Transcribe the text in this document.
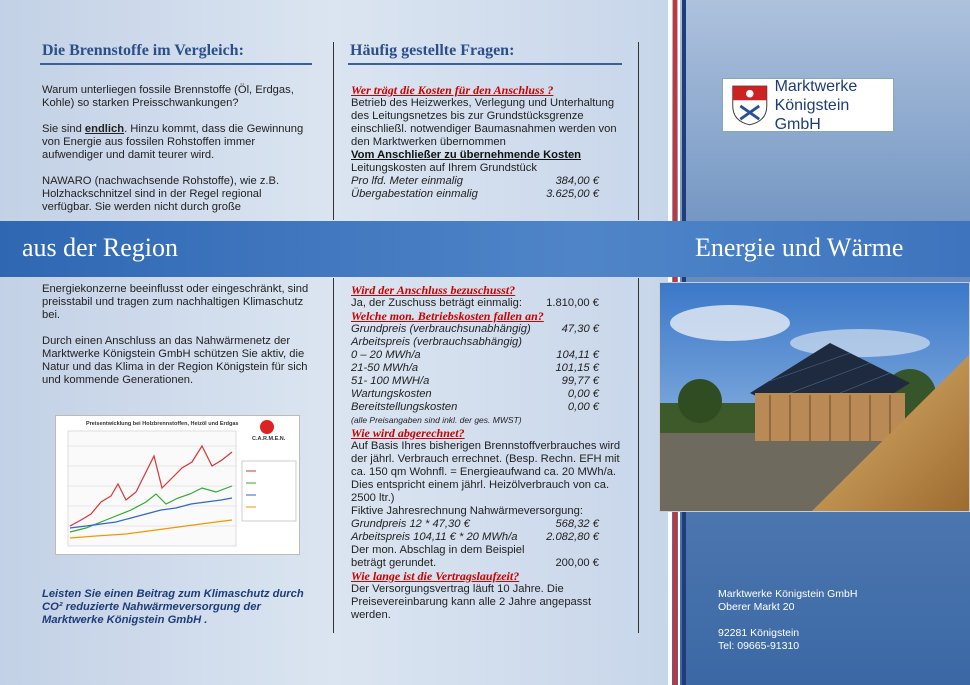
Die Brennstoffe im Vergleich:

Warum unterliegen fossile Brennstoffe (Öl, Erdgas, Kohle) so starken Preisschwankungen?

Sie sind endlich. Hinzu kommt, dass die Gewinnung von Energie aus fossilen Rohstoffen immer aufwendiger und damit teurer wird.

NAWARO (nachwachsende Rohstoffe), wie z.B. Holzhackschnitzel sind in der Regel regional verfügbar. Sie werden nicht durch große

Energiekonzerne beeinflusst oder eingeschränkt, sind preisstabil und tragen zum nachhaltigen Klimaschutz bei.

Durch einen Anschluss an das Nahwärmenetz der Marktwerke Königstein GmbH schützen Sie aktiv, die Natur und das Klima in der Region Königstein für sich und kommende Generationen.

Preisentwicklung bei Holzbrennstoffen, Heizöl und Erdgas
C.A.R.M.E.N.
Leisten Sie einen Beitrag zum Klimaschutz durch CO² reduzierte Nahwärmeversorgung der Marktwerke Königstein GmbH .
Häufig gestellte Fragen:
Wer trägt die Kosten für den Anschluss ?

Betrieb des Heizwerkes, Verlegung und Unterhaltung des Leitungsnetzes bis zur Grundstücksgrenze einschließl. notwendiger Baumasnahmen werden von den Marktwerken übernommen

Vom Anschließer zu übernehmende Kosten

Leitungskosten auf Ihrem Grundstück

Pro lfd. Meter einmalig	384,00 €
Übergabestation einmalig	3.625,00 €
Wird der Anschluss bezuschusst?
Ja, der Zuschuss beträgt einmalig: 1.810,00 €
Welche mon. Betriebskosten fallen an?
Grundpreis (verbrauchsunabhängig)	47,30 €
Arbeitspreis (verbrauchsabhängig)
0 – 20 MWh/a	104,11 €
21-50 MWh/a	101,15 €
51- 100 MWH/a	99,77 €
Wartungskosten	0,00 €
Bereitstellungskosten	0,00 €

(alle Preisangaben sind inkl. der ges. MWST)

Wie wird abgerechnet?

Auf Basis Ihres bisherigen Brennstoffverbrauches wird der jährl. Verbrauch errechnet. (Besp. Rechn. EFH mit ca. 150 qm Wohnfl. = Energieaufwand ca. 20 MWh/a. Dies entspricht einem jährl. Heizölverbrauch von ca. 2500 ltr.)

Fiktive Jahresrechnung Nahwärmeversorgung:

Grundpreis 12 * 47,30 €	568,32 €
Arbeitspreis 104,11 € * 20 MWh/a	2.082,80 €
Der mon. Abschlag in dem Beispiel
beträgt gerundet.	200,00 €
Wie lange ist die Vertragslaufzeit?

Der Versorgungsvertrag läuft 10 Jahre. Die Preisevereinbarung kann alle 2 Jahre angepasst werden.

aus der Region	Energie und Wärme
Marktwerke
Königstein GmbH
Marktwerke Königstein GmbH
Oberer Markt 20
92281 Königstein
Tel: 09665-91310
